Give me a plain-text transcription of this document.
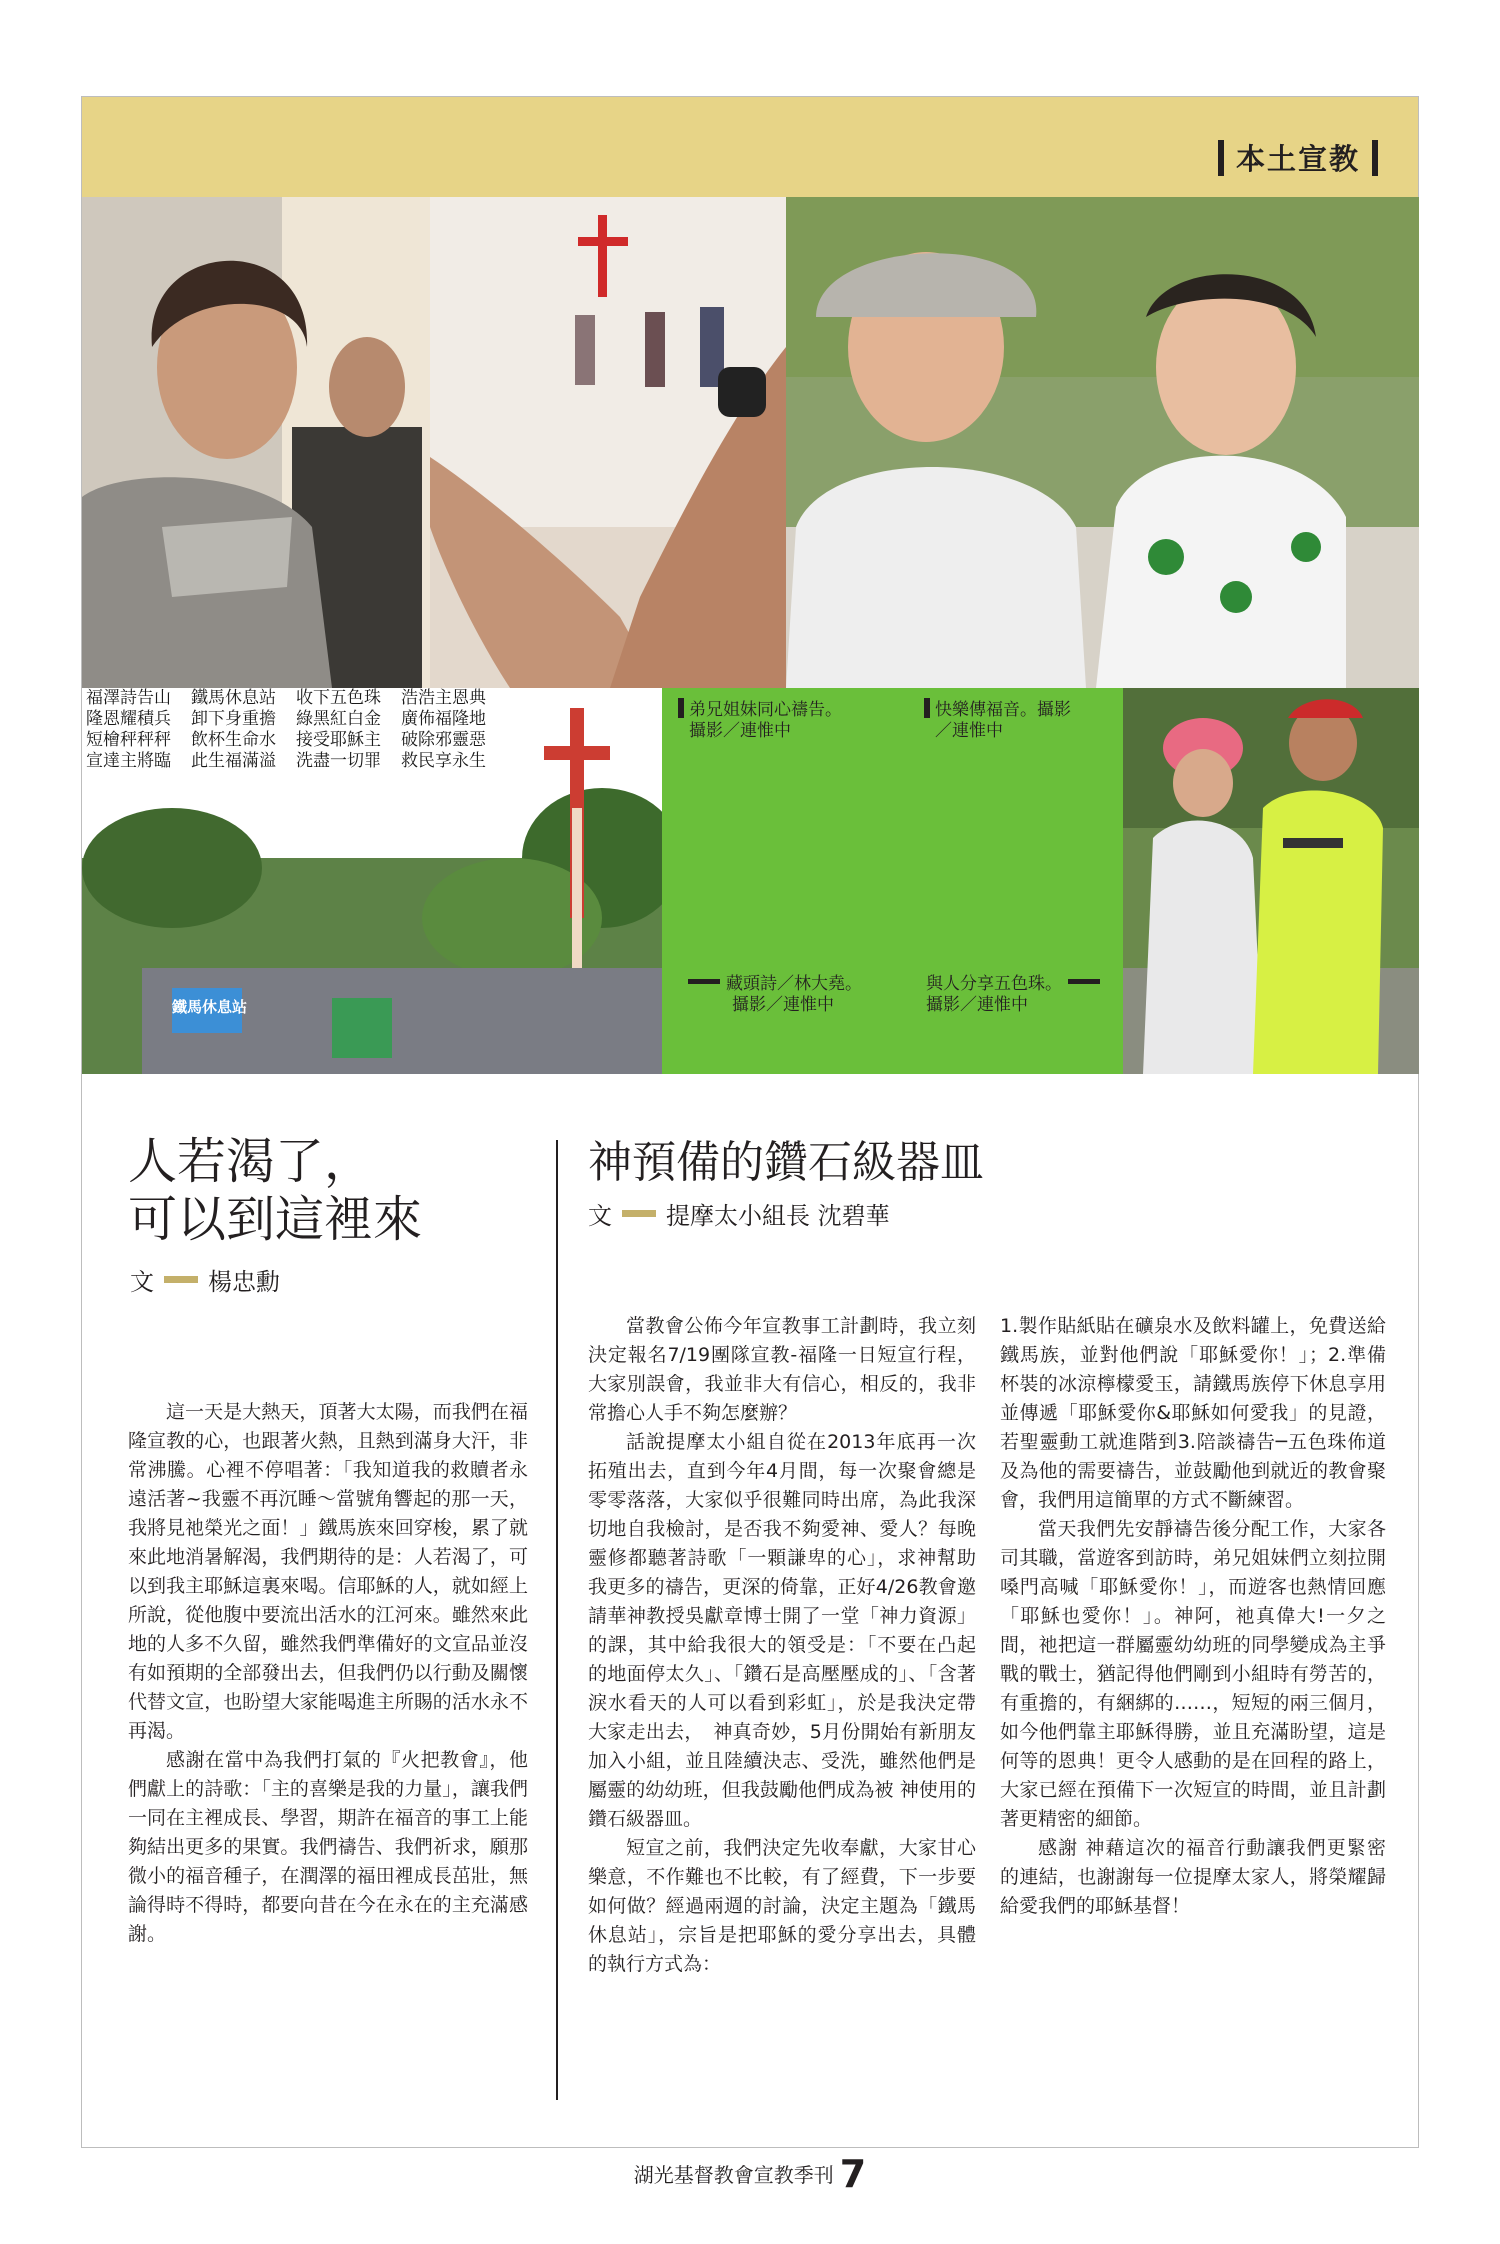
本土宣教
福澤詩告山
隆恩耀積兵
短檜秤秤秤
宣達主將臨
鐵馬休息站
卸下身重擔
飲杯生命水
此生福滿溢
收下五色珠
綠黑紅白金
接受耶穌主
洗盡一切罪
浩浩主恩典
廣佈福隆地
破除邪靈惡
救民享永生
鐵馬休息站
弟兄姐妹同心禱告。
攝影／連惟中
快樂傳福音。攝影
／連惟中
藏頭詩／林大堯。
攝影／連惟中
與人分享五色珠。
攝影／連惟中
人若渴了，
可以到這裡來
文 楊忠勳

這一天是大熱天，頂著大太陽，而我們在福隆宣教的心，也跟著火熱，且熱到滿身大汗，非常沸騰。心裡不停唱著：「我知道我的救贖者永遠活著~我靈不再沉睡～當號角響起的那一天，我將見祂榮光之面！」鐵馬族來回穿梭，累了就來此地消暑解渴，我們期待的是：人若渴了，可以到我主耶穌這裏來喝。信耶穌的人，就如經上所說，從他腹中要流出活水的江河來。雖然來此地的人多不久留，雖然我們準備好的文宣品並沒有如預期的全部發出去，但我們仍以行動及關懷代替文宣，也盼望大家能喝進主所賜的活水永不再渴。

感謝在當中為我們打氣的『火把教會』，他們獻上的詩歌：「主的喜樂是我的力量」，讓我們一同在主裡成長、學習，期許在福音的事工上能夠結出更多的果實。我們禱告、我們祈求，願那微小的福音種子，在潤澤的福田裡成長茁壯，無論得時不得時，都要向昔在今在永在的主充滿感謝。

神預備的鑽石級器皿
文 提摩太小組長 沈碧華

當教會公佈今年宣教事工計劃時，我立刻決定報名7/19團隊宣教-福隆一日短宣行程，大家別誤會，我並非大有信心，相反的，我非常擔心人手不夠怎麼辦？

話說提摩太小組自從在2013年底再一次拓殖出去，直到今年4月間，每一次聚會總是零零落落，大家似乎很難同時出席，為此我深切地自我檢討，是否我不夠愛神、愛人？每晚靈修都聽著詩歌「一顆謙卑的心」，求神幫助我更多的禱告，更深的倚靠，正好4/26教會邀請華神教授吳獻章博士開了一堂「神力資源」的課，其中給我很大的領受是：「不要在凸起的地面停太久」、「鑽石是高壓壓成的」、「含著淚水看天的人可以看到彩虹」，於是我決定帶大家走出去，　神真奇妙，5月份開始有新朋友加入小組，並且陸續決志、受洗，雖然他們是屬靈的幼幼班，但我鼓勵他們成為被 神使用的鑽石級器皿。

短宣之前，我們決定先收奉獻，大家甘心樂意，不作難也不比較，有了經費，下一步要如何做？經過兩週的討論，決定主題為「鐵馬休息站」，宗旨是把耶穌的愛分享出去，具體的執行方式為：

1.製作貼紙貼在礦泉水及飲料罐上，免費送給鐵馬族，並對他們說「耶穌愛你！」；2.準備杯裝的冰涼檸檬愛玉，請鐵馬族停下休息享用並傳遞「耶穌愛你&耶穌如何愛我」的見證，若聖靈動工就進階到3.陪談禱告─五色珠佈道及為他的需要禱告，並鼓勵他到就近的教會聚會，我們用這簡單的方式不斷練習。

當天我們先安靜禱告後分配工作，大家各司其職，當遊客到訪時，弟兄姐妹們立刻拉開嗓門高喊「耶穌愛你！」，而遊客也熱情回應「耶穌也愛你！」。神阿，祂真偉大!一夕之間，祂把這一群屬靈幼幼班的同學變成為主爭戰的戰士，猶記得他們剛到小組時有勞苦的，有重擔的，有綑綁的……，短短的兩三個月，如今他們靠主耶穌得勝，並且充滿盼望，這是何等的恩典！更令人感動的是在回程的路上，大家已經在預備下一次短宣的時間，並且計劃著更精密的細節。

感謝 神藉這次的福音行動讓我們更緊密的連結，也謝謝每一位提摩太家人，將榮耀歸給愛我們的耶穌基督！

湖光基督教會宣教季刊 7
